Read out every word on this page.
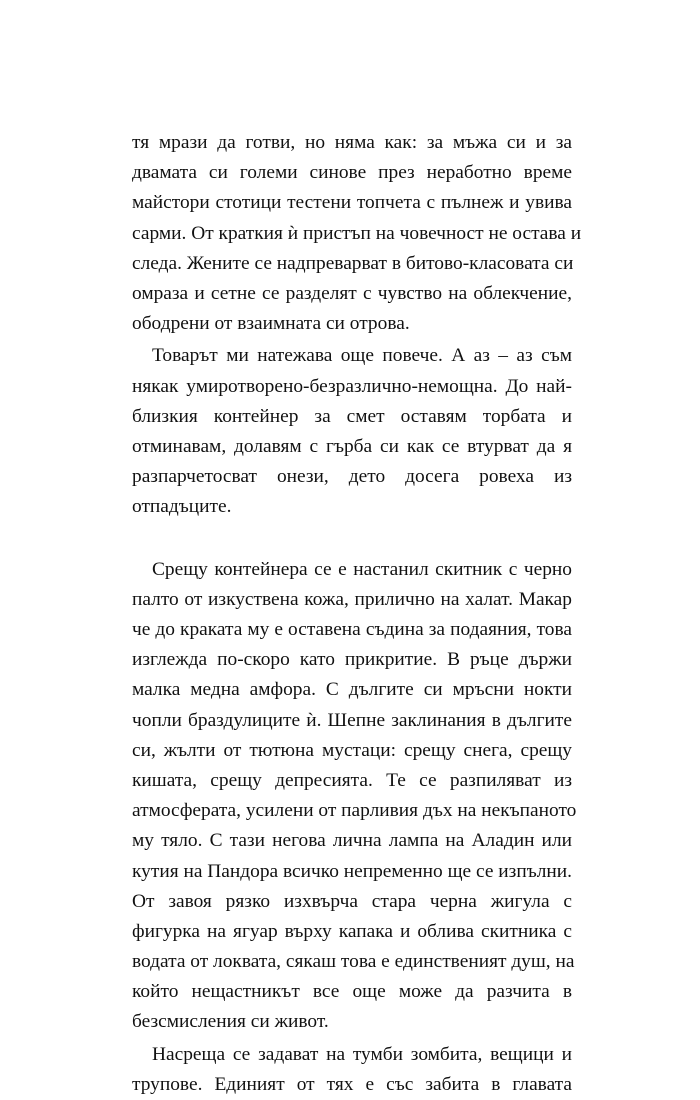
тя мрази да готви, но няма как: за мъжа си и за
двамата си големи синове през неработно време
майстори стотици тестени топчета с пълнеж и увива
сарми. От краткия ѝ пристъп на човечност не остава и
следа. Жените се надпреварват в битово-класовата си
омраза и сетне се разделят с чувство на облекчение,
ободрени от взаимната си отрова.
Товарът ми натежава още повече. А аз – аз съм
някак умиротворено-безразлично-немощна. До най-
близкия контейнер за смет оставям торбата и
отминавам, долавям с гърба си как се втурват да я
разпарчетосват онези, дето досега ровеха из
отпадъците.
Срещу контейнера се е настанил скитник с черно
палто от изкуствена кожа, прилично на халат. Макар
че до краката му е оставена съдина за подаяния, това
изглежда по-скоро като прикритие. В ръце държи
малка медна амфора. С дългите си мръсни нокти
чопли браздулиците ѝ. Шепне заклинания в дългите
си, жълти от тютюна мустаци: срещу снега, срещу
кишата, срещу депресията. Те се разпиляват из
атмосферата, усилени от парливия дъх на некъпаното
му тяло. С тази негова лична лампа на Аладин или
кутия на Пандора всичко непременно ще се изпълни.
От завоя рязко изхвърча стара черна жигула с
фигурка на ягуар върху капака и облива скитника с
водата от локвата, сякаш това е единственият душ, на
който нещастникът все още може да разчита в
безсмисления си живот.
Насреща се задават на тумби зомбита, вещици и
трупове. Единият от тях е със забита в главата
